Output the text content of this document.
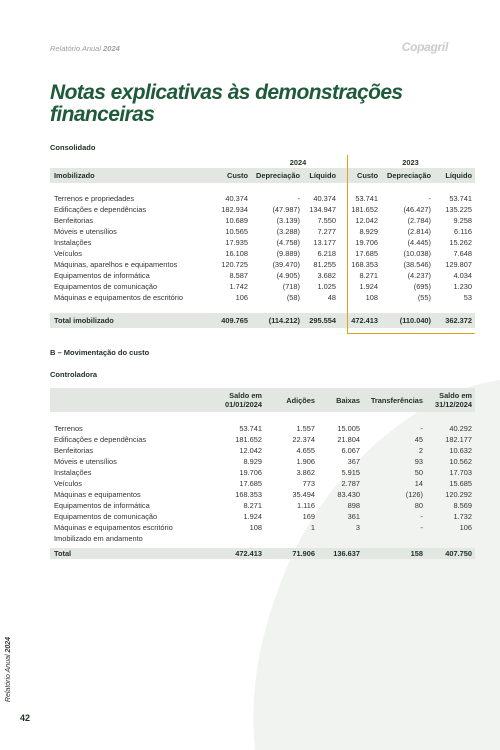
Relatório Anual 2024	Copagril
Notas explicativas às demonstrações financeiras
Consolidado
	2024			2023		
Imobilizado	Custo	Depreciação	Líquido	Custo	Depreciação	Líquido

Terrenos e propriedades	40.374	-	40.374	53.741	-	53.741
Edificações e dependências	182.934	(47.987)	134.947	181.652	(46.427)	135.225
Benfeitorias	10.689	(3.139)	7.550	12.042	(2.784)	9.258
Móveis e utensílios	10.565	(3.288)	7.277	8.929	(2.814)	6.116
Instalações	17.935	(4.758)	13.177	19.706	(4.445)	15.262
Veículos	16.108	(9.889)	6.218	17.685	(10.038)	7.648
Máquinas, aparelhos e equipamentos	120.725	(39.470)	81.255	168.353	(38.546)	129.807
Equipamentos de informática	8.587	(4.905)	3.682	8.271	(4.237)	4.034
Equipamentos de comunicação	1.742	(718)	1.025	1.924	(695)	1.230
Máquinas e equipamentos de escritório	106	(58)	48	108	(55)	53

Total imobilizado	409.765	(114.212)	295.554	472.413	(110.040)	362.372
B – Movimentação do custo
Controladora
	Saldo em
01/01/2024	Adições	Baixas	Transferências	Saldo em
31/12/2024

Terrenos	53.741	1.557	15.005	-	40.292
Edificações e dependências	181.652	22.374	21.804	45	182.177
Benfeitorias	12.042	4.655	6.067	2	10.632
Móveis e utensílios	8.929	1.906	367	93	10.562
Instalações	19.706	3.862	5.915	50	17.703
Veículos	17.685	773	2.787	14	15.685
Máquinas e equipamentos	168.353	35.494	83.430	(126)	120.292
Equipamentos de informática	8.271	1.116	898	80	8.569
Equipamentos de comunicação	1.924	169	361	-	1.732
Máquinas e equipamentos escritório	108	1	3	-	106
Imobilizado em andamento					

Total	472.413	71.906	136.637	158	407.750
Relatório Anual 2024
42
